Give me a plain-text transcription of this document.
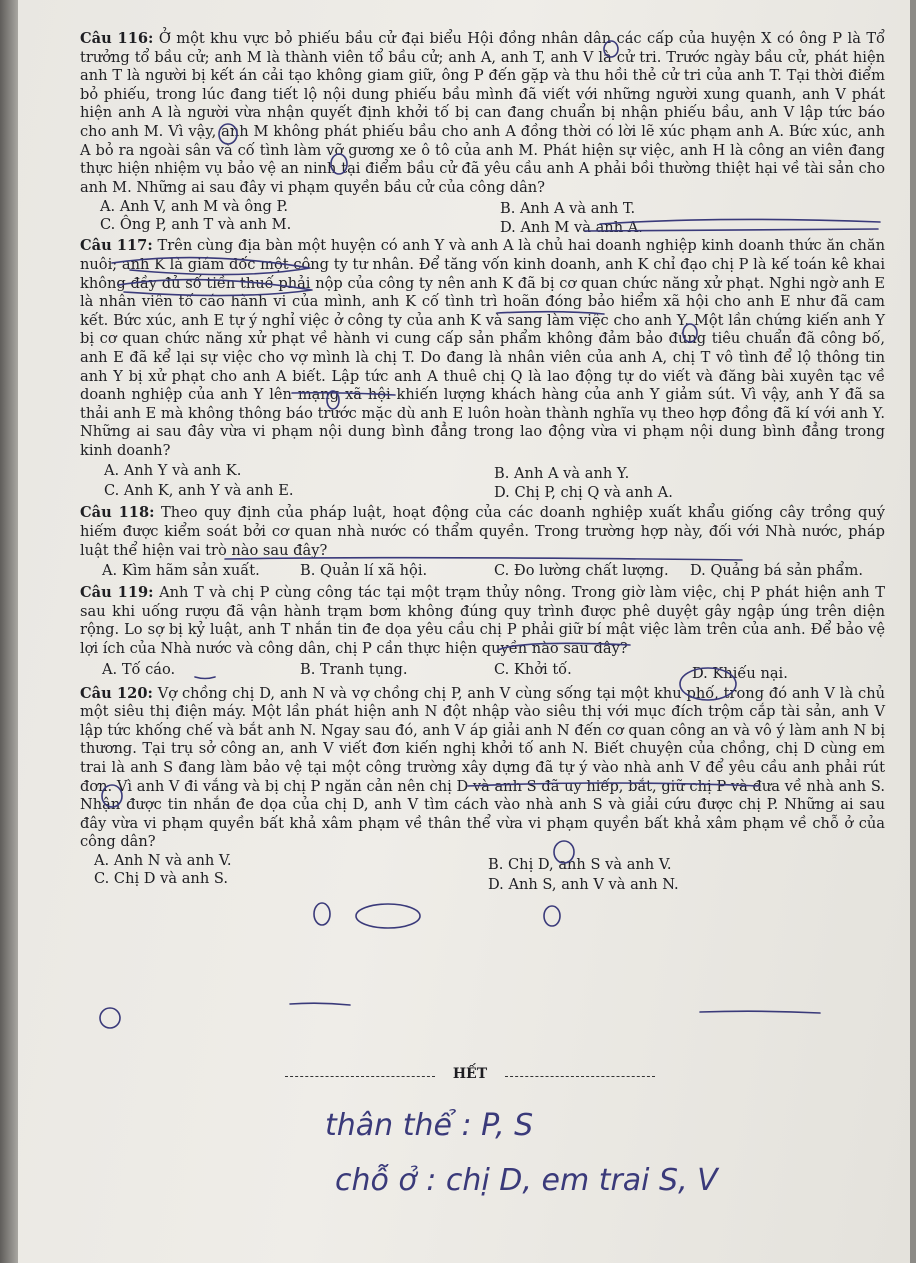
Câu 116: Ở một khu vực bỏ phiếu bầu cử đại biểu Hội đồng nhân dân các cấp của huyện X có ông P là Tổ trưởng tổ bầu cử; anh M là thành viên tổ bầu cử; anh A, anh T, anh V là cử tri. Trước ngày bầu cử, phát hiện anh T là người bị kết án cải tạo không giam giữ, ông P đến gặp và thu hồi thẻ cử tri của anh T. Tại thời điểm bỏ phiếu, trong lúc đang tiết lộ nội dung phiếu bầu mình đã viết với những người xung quanh, anh V phát hiện anh A là người vừa nhận quyết định khởi tố bị can đang chuẩn bị nhận phiếu bầu, anh V lập tức báo cho anh M. Vì vậy, anh M không phát phiếu bầu cho anh A đồng thời có lời lẽ xúc phạm anh A. Bức xúc, anh A bỏ ra ngoài sân và cố tình làm vỡ gương xe ô tô của anh M. Phát hiện sự việc, anh H là công an viên đang thực hiện nhiệm vụ bảo vệ an ninh tại điểm bầu cử đã yêu cầu anh A phải bồi thường thiệt hại về tài sản cho anh M. Những ai sau đây vi phạm quyền bầu cử của công dân?

A. Anh V, anh M và ông P.	B. Anh A và anh T.
C. Ông P, anh T và anh M.	D. Anh M và anh A.

Câu 117: Trên cùng địa bàn một huyện có anh Y và anh A là chủ hai doanh nghiệp kinh doanh thức ăn chăn nuôi; anh K là giám đốc một công ty tư nhân. Để tăng vốn kinh doanh, anh K chỉ đạo chị P là kế toán kê khai không đầy đủ số tiền thuế phải nộp của công ty nên anh K đã bị cơ quan chức năng xử phạt. Nghi ngờ anh E là nhân viên tố cáo hành vi của mình, anh K cố tình trì hoãn đóng bảo hiểm xã hội cho anh E như đã cam kết. Bức xúc, anh E tự ý nghỉ việc ở công ty của anh K và sang làm việc cho anh Y. Một lần chứng kiến anh Y bị cơ quan chức năng xử phạt về hành vi cung cấp sản phẩm không đảm bảo đúng tiêu chuẩn đã công bố, anh E đã kể lại sự việc cho vợ mình là chị T. Do đang là nhân viên của anh A, chị T vô tình để lộ thông tin anh Y bị xử phạt cho anh A biết. Lập tức anh A thuê chị Q là lao động tự do viết và đăng bài xuyên tạc về doanh nghiệp của anh Y lên mạng xã hội khiến lượng khách hàng của anh Y giảm sút. Vì vậy, anh Y đã sa thải anh E mà không thông báo trước mặc dù anh E luôn hoàn thành nghĩa vụ theo hợp đồng đã kí với anh Y. Những ai sau đây vừa vi phạm nội dung bình đẳng trong lao động vừa vi phạm nội dung bình đẳng trong kinh doanh?

A. Anh Y và anh K.	B. Anh A và anh Y.
C. Anh K, anh Y và anh E.	D. Chị P, chị Q và anh A.

Câu 118: Theo quy định của pháp luật, hoạt động của các doanh nghiệp xuất khẩu giống cây trồng quý hiếm được kiểm soát bởi cơ quan nhà nước có thẩm quyền. Trong trường hợp này, đối với Nhà nước, pháp luật thể hiện vai trò nào sau đây?

A. Kìm hãm sản xuất.	B. Quản lí xã hội.	C. Đo lường chất lượng. D. Quảng bá sản phẩm.

Câu 119: Anh T và chị P cùng công tác tại một trạm thủy nông. Trong giờ làm việc, chị P phát hiện anh T sau khi uống rượu đã vận hành trạm bơm không đúng quy trình được phê duyệt gây ngập úng trên diện rộng. Lo sợ bị kỷ luật, anh T nhắn tin đe dọa yêu cầu chị P phải giữ bí mật việc làm trên của anh. Để bảo vệ lợi ích của Nhà nước và công dân, chị P cần thực hiện quyền nào sau đây?

A. Tố cáo.	B. Tranh tụng.	C. Khởi tố.	D. Khiếu nại.

Câu 120: Vợ chồng chị D, anh N và vợ chồng chị P, anh V cùng sống tại một khu phố, trong đó anh V là chủ một siêu thị điện máy. Một lần phát hiện anh N đột nhập vào siêu thị với mục đích trộm cắp tài sản, anh V lập tức khống chế và bắt anh N. Ngay sau đó, anh V áp giải anh N đến cơ quan công an và vô ý làm anh N bị thương. Tại trụ sở công an, anh V viết đơn kiến nghị khởi tố anh N. Biết chuyện của chồng, chị D cùng em trai là anh S đang làm bảo vệ tại một công trường xây dựng đã tự ý vào nhà anh V để yêu cầu anh phải rút đơn. Vì anh V đi vắng và bị chị P ngăn cản nên chị D và anh S đã uy hiếp, bắt, giữ chị P và đưa về nhà anh S. Nhận được tin nhắn đe dọa của chị D, anh V tìm cách vào nhà anh S và giải cứu được chị P. Những ai sau đây vừa vi phạm quyền bất khả xâm phạm về thân thể vừa vi phạm quyền bất khả xâm phạm về chỗ ở của công dân?

A. Anh N và anh V.	B. Chị D, anh S và anh V.
C. Chị D và anh S.	D. Anh S, anh V và anh N.
HẾT
thân thể : P, S
chỗ ở : chị D, em trai S, V
